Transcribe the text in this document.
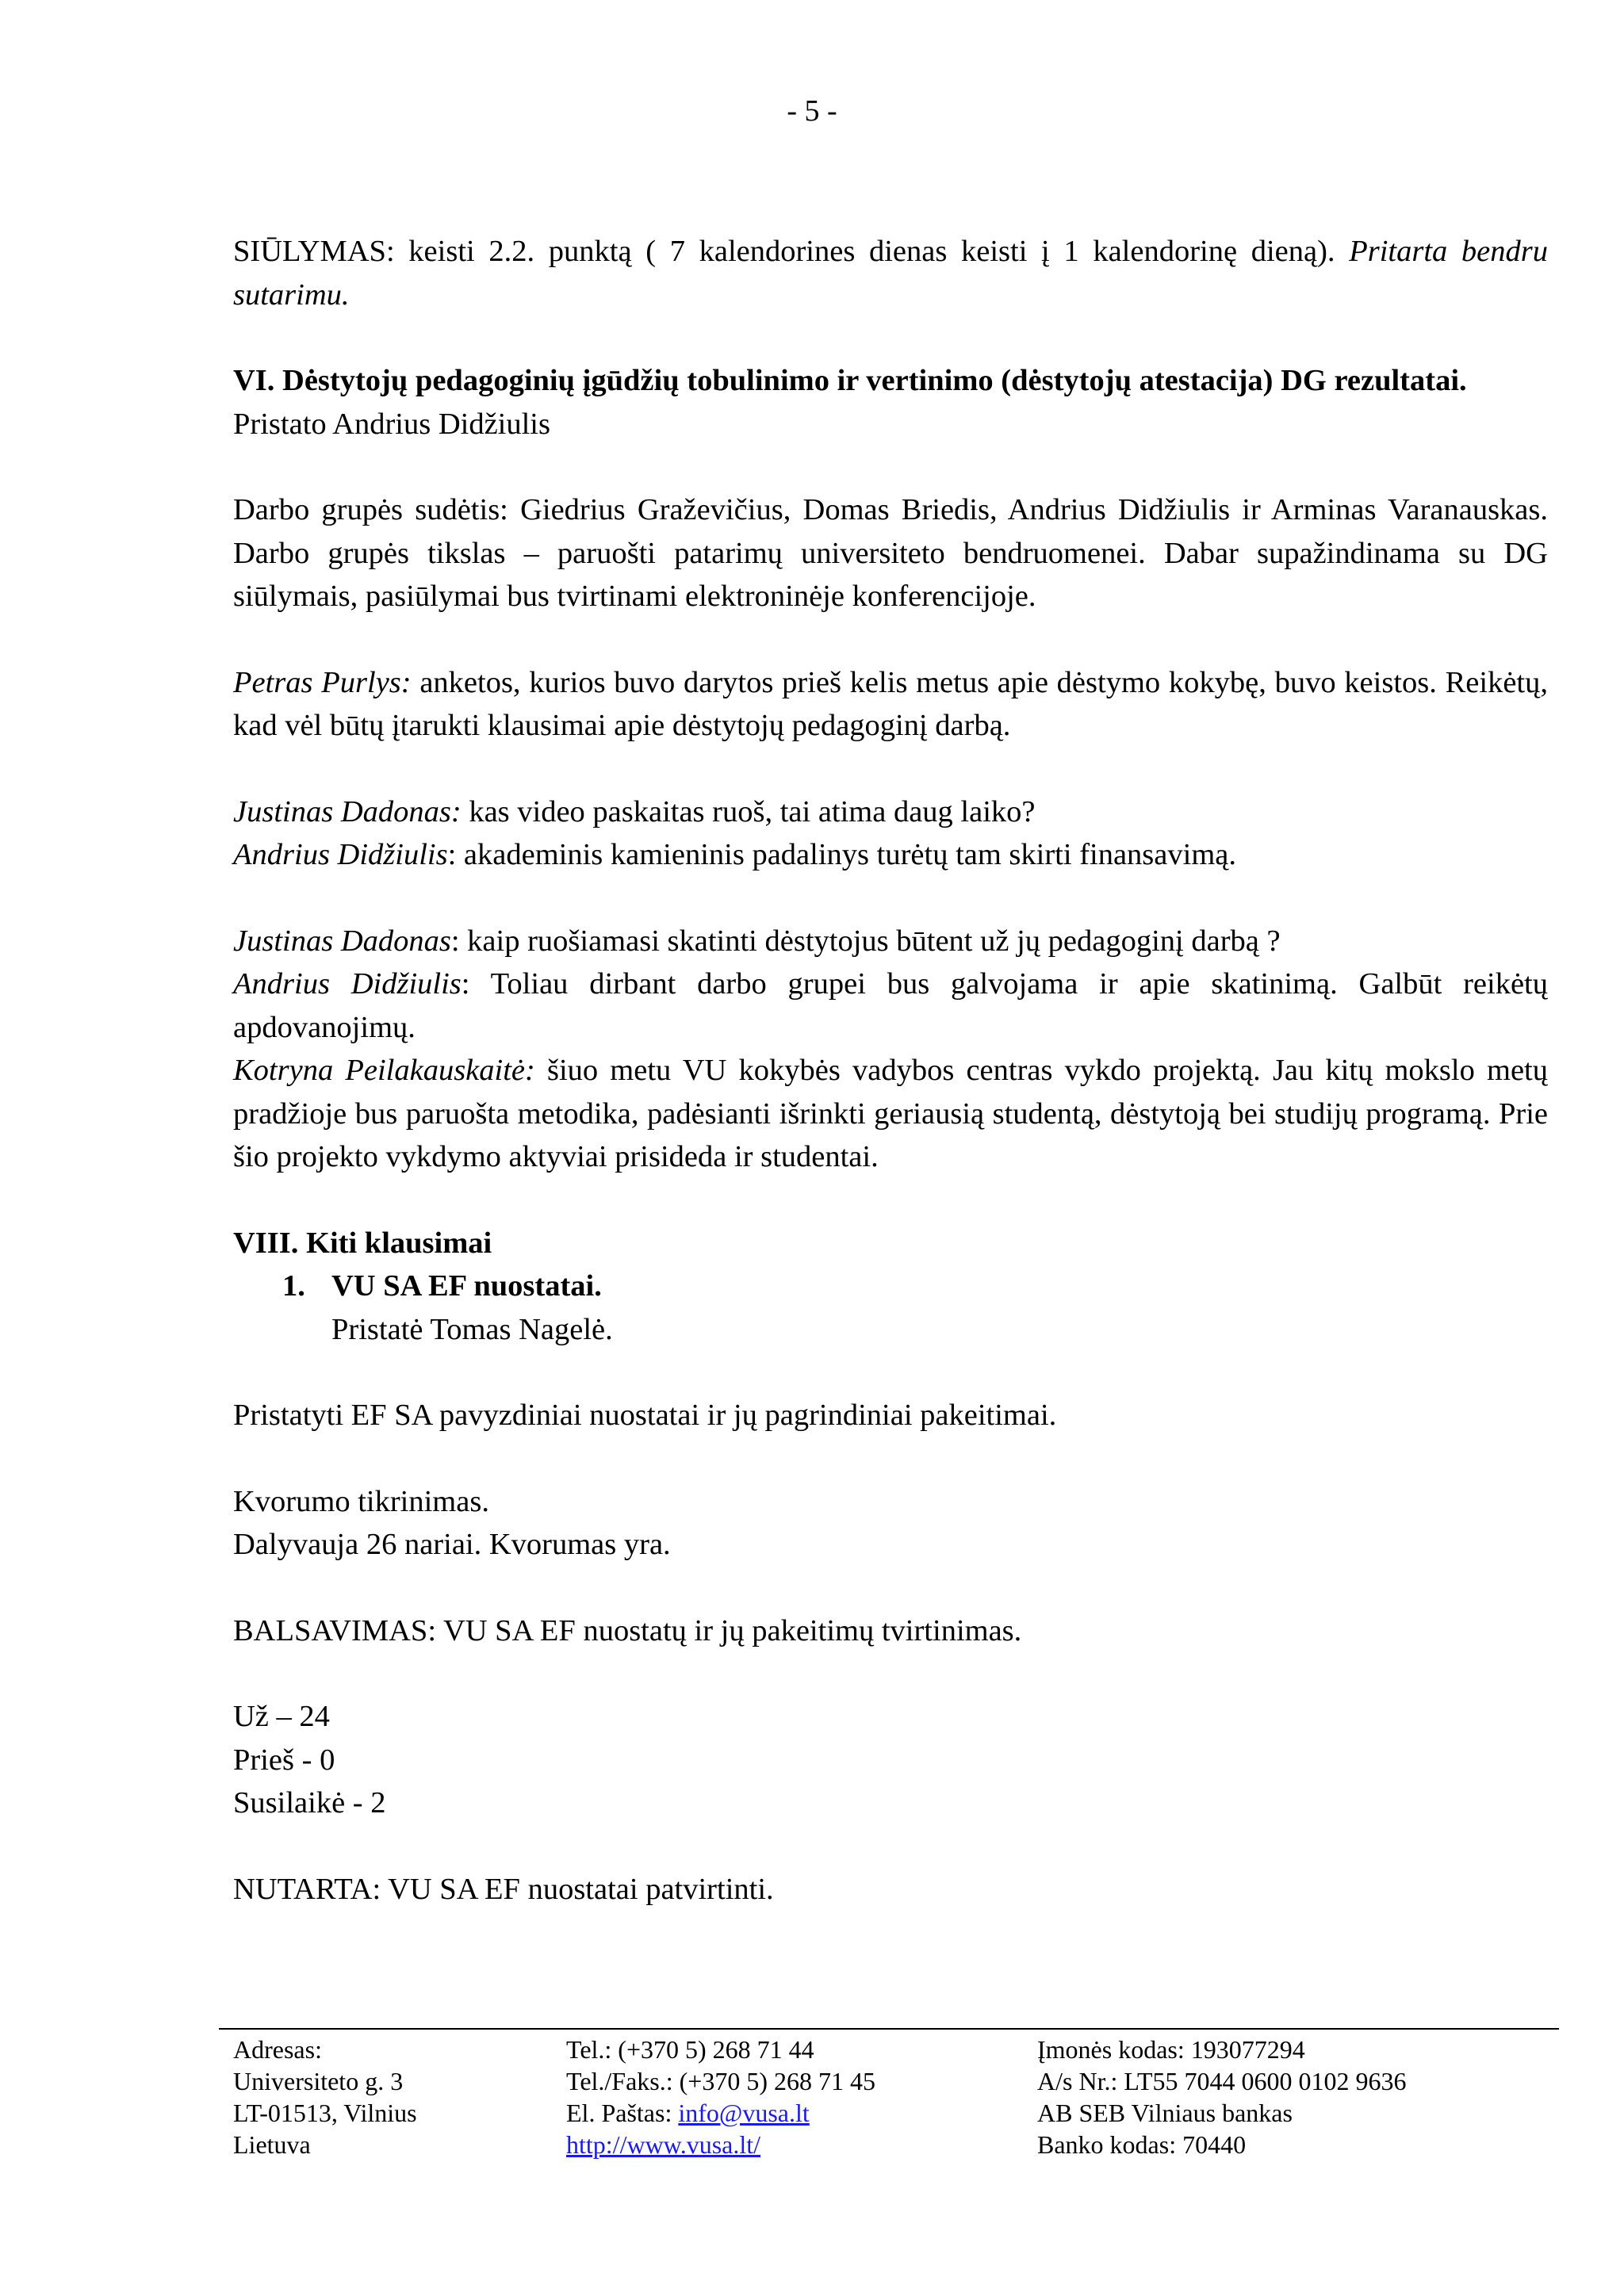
- 5 -

SIŪLYMAS: keisti 2.2. punktą ( 7 kalendorines dienas keisti į 1 kalendorinę dieną). Pritarta bendru sutarimu.

VI. Dėstytojų pedagoginių įgūdžių tobulinimo ir vertinimo (dėstytojų atestacija) DG rezultatai.

Pristato Andrius Didžiulis

Darbo grupės sudėtis: Giedrius Graževičius, Domas Briedis, Andrius Didžiulis ir Arminas Varanauskas. Darbo grupės tikslas – paruošti patarimų universiteto bendruomenei. Dabar supažindinama su DG siūlymais, pasiūlymai bus tvirtinami elektroninėje konferencijoje.

Petras Purlys: anketos, kurios buvo darytos prieš kelis metus apie dėstymo kokybę, buvo keistos. Reikėtų, kad vėl būtų įtarukti klausimai apie dėstytojų pedagoginį darbą.

Justinas Dadonas: kas video paskaitas ruoš, tai atima daug laiko?

Andrius Didžiulis: akademinis kamieninis padalinys turėtų tam skirti finansavimą.

Justinas Dadonas: kaip ruošiamasi skatinti dėstytojus būtent už jų pedagoginį darbą ?

Andrius Didžiulis: Toliau dirbant darbo grupei bus galvojama ir apie skatinimą. Galbūt reikėtų apdovanojimų.

Kotryna Peilakauskaitė: šiuo metu VU kokybės vadybos centras vykdo projektą. Jau kitų mokslo metų pradžioje bus paruošta metodika, padėsianti išrinkti geriausią studentą, dėstytoją bei studijų programą. Prie šio projekto vykdymo aktyviai prisideda ir studentai.

VIII. Kiti klausimai

1. VU SA EF nuostatai.

Pristatė Tomas Nagelė.

Pristatyti EF SA pavyzdiniai nuostatai ir jų pagrindiniai pakeitimai.

Kvorumo tikrinimas.

Dalyvauja 26 nariai. Kvorumas yra.

BALSAVIMAS: VU SA EF nuostatų ir jų pakeitimų tvirtinimas.

Už – 24

Prieš - 0

Susilaikė - 2

NUTARTA: VU SA EF nuostatai patvirtinti.

Adresas:
Universiteto g. 3
LT-01513, Vilnius
Lietuva
Tel.: (+370 5) 268 71 44
Tel./Faks.: (+370 5) 268 71 45
El. Paštas: info@vusa.lt
http://www.vusa.lt/
Įmonės kodas: 193077294
A/s Nr.: LT55 7044 0600 0102 9636
AB SEB Vilniaus bankas
Banko kodas: 70440
